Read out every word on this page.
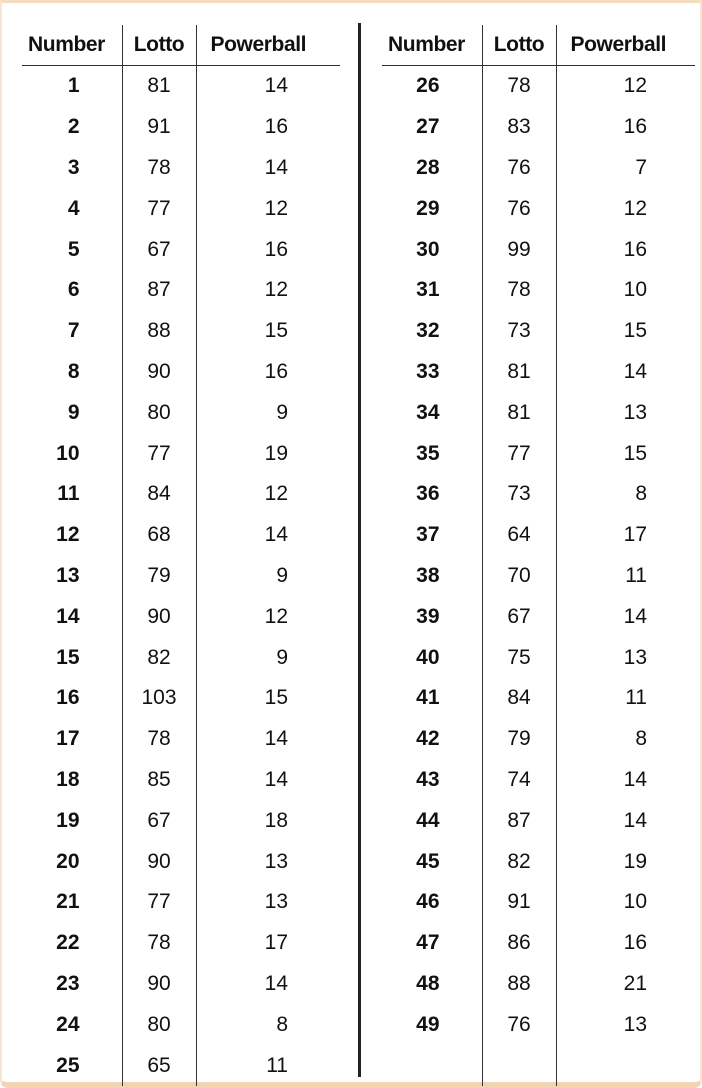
Number	Lotto	Powerball
1	81	14
2	91	16
3	78	14
4	77	12
5	67	16
6	87	12
7	88	15
8	90	16
9	80	9
10	77	19
11	84	12
12	68	14
13	79	9
14	90	12
15	82	9
16	103	15
17	78	14
18	85	14
19	67	18
20	90	13
21	77	13
22	78	17
23	90	14
24	80	8
25	65	11
Number	Lotto	Powerball
26	78	12
27	83	16
28	76	7
29	76	12
30	99	16
31	78	10
32	73	15
33	81	14
34	81	13
35	77	15
36	73	8
37	64	17
38	70	11
39	67	14
40	75	13
41	84	11
42	79	8
43	74	14
44	87	14
45	82	19
46	91	10
47	86	16
48	88	21
49	76	13
